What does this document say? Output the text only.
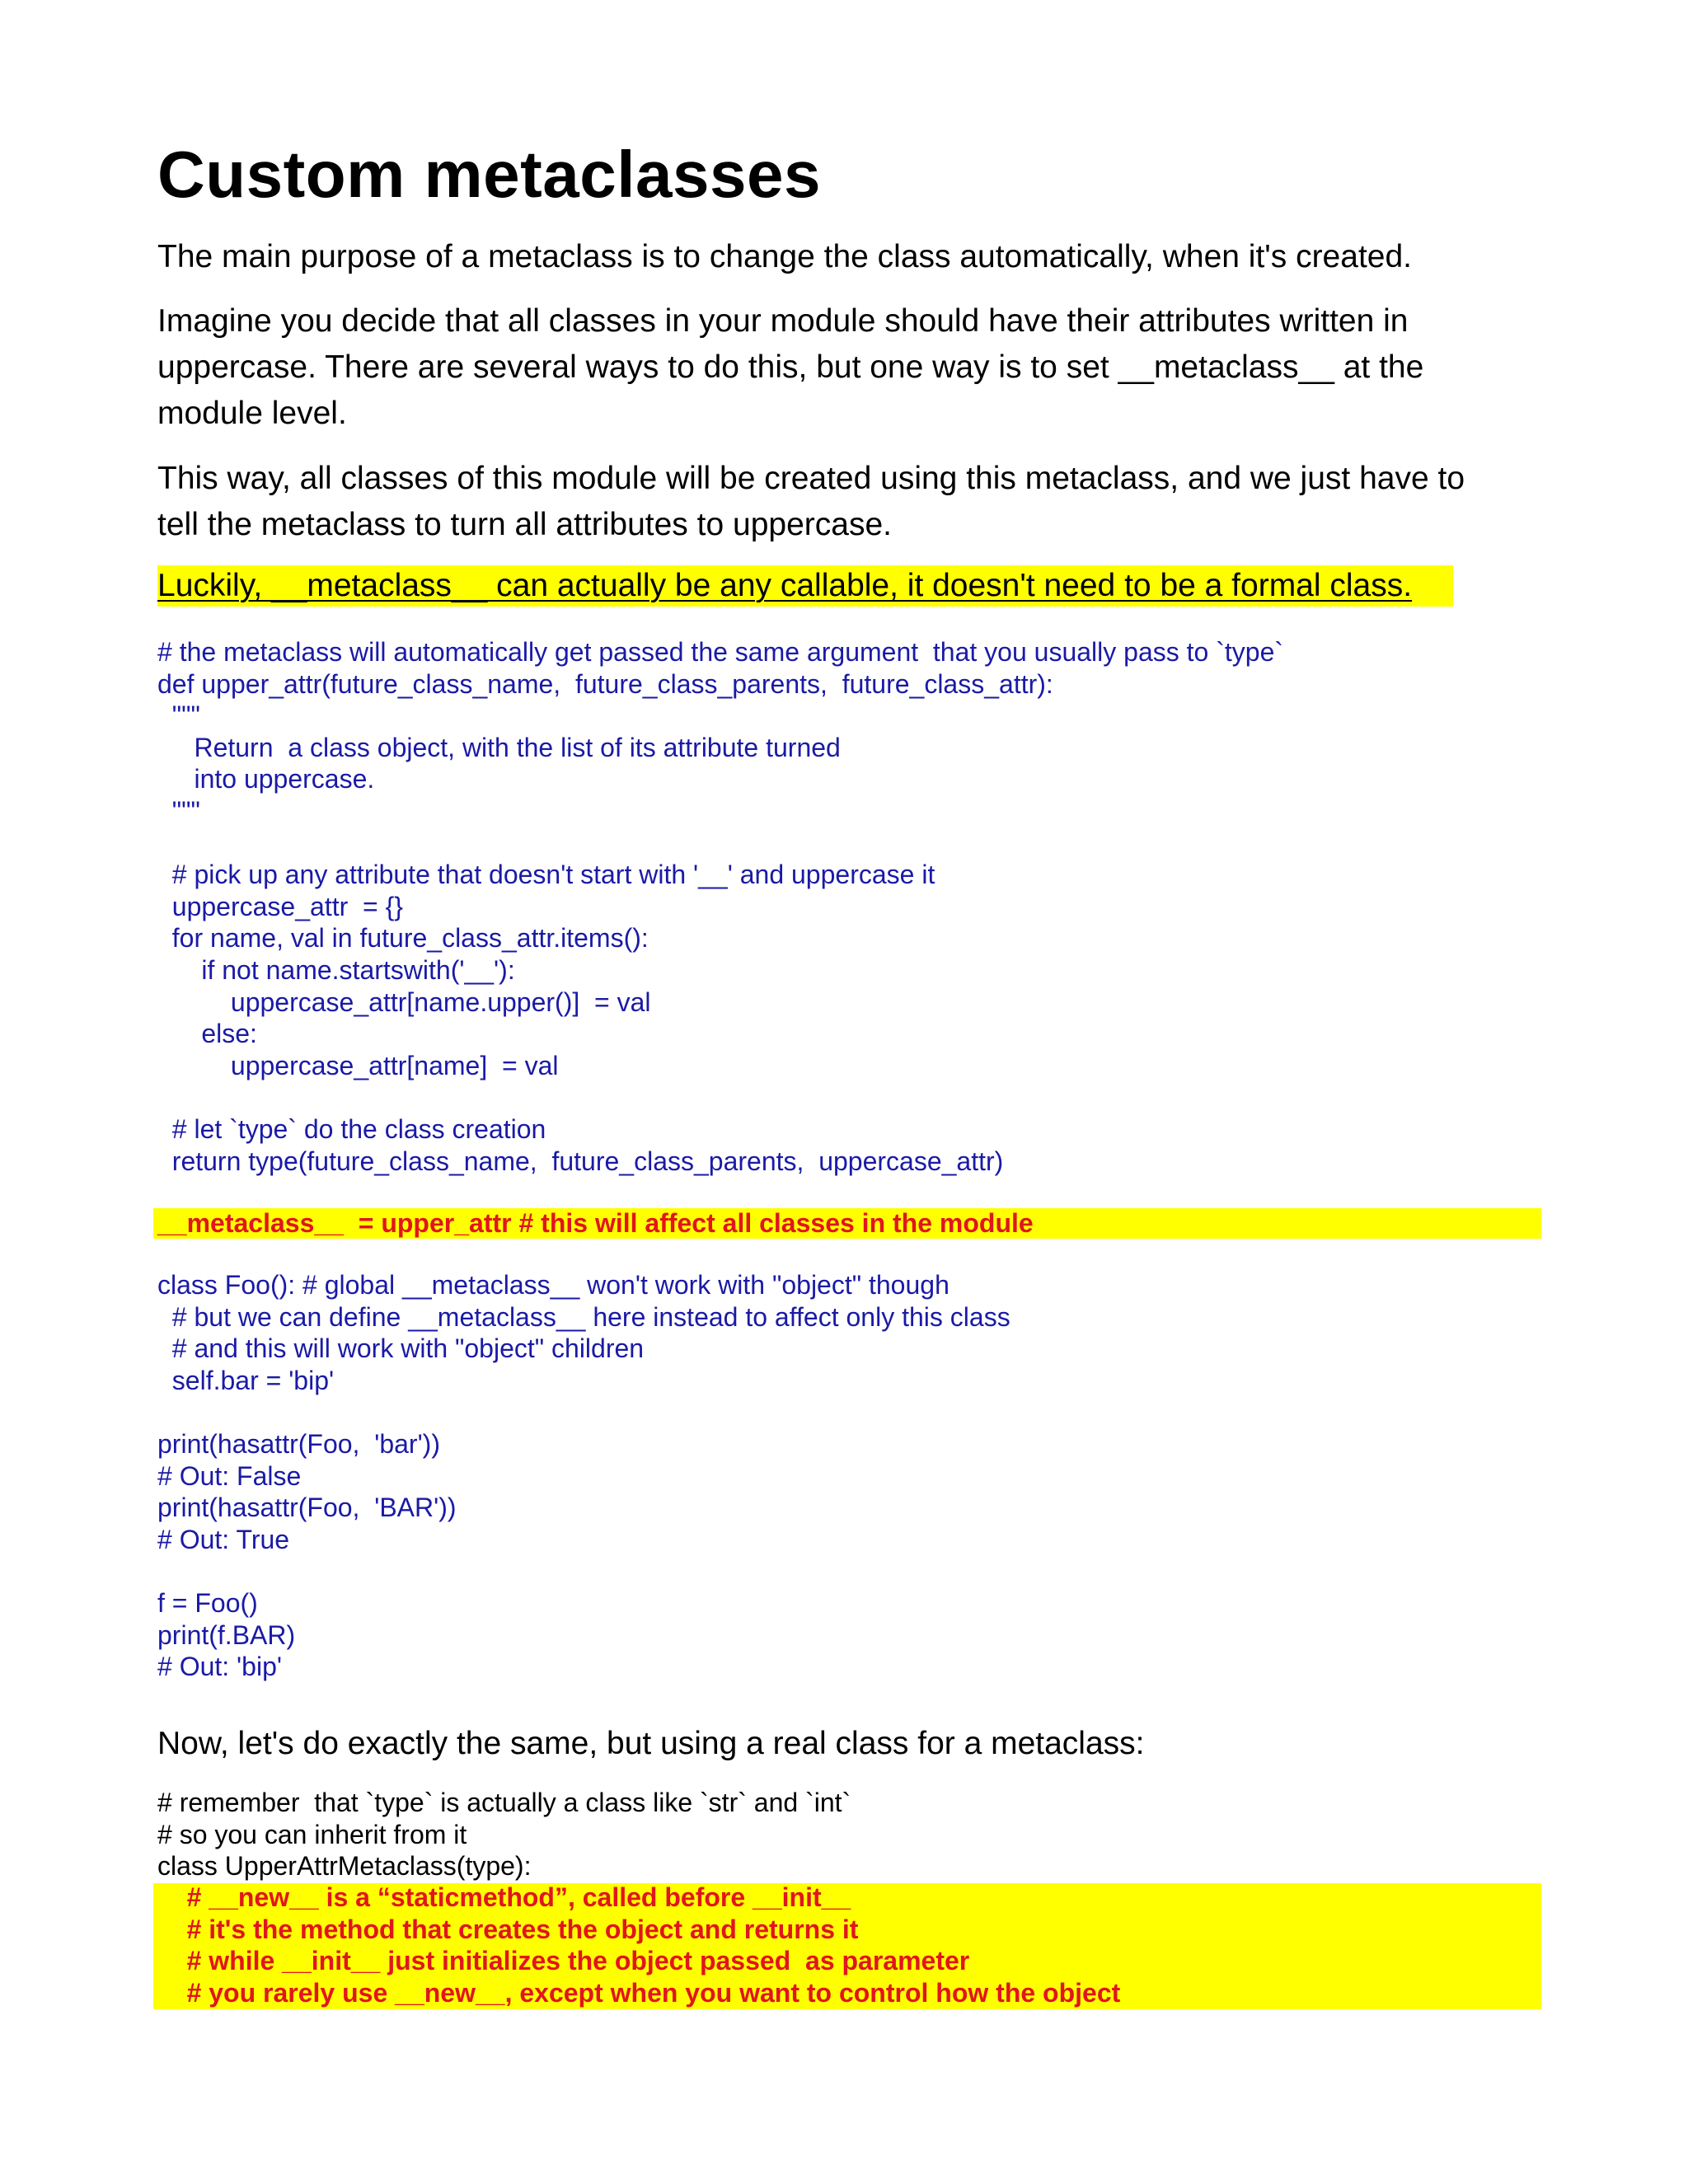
Custom metaclasses
The main purpose of a metaclass is to change the class automatically, when it's created.
Imagine you decide that all classes in your module should have their attributes written in
uppercase. There are several ways to do this, but one way is to set __metaclass__ at the
module level.
This way, all classes of this module will be created using this metaclass, and we just have to
tell the metaclass to turn all attributes to uppercase.
Luckily, __metaclass__ can actually be any callable, it doesn't need to be a formal class.
# the metaclass will automatically get passed the same argument  that you usually pass to `type`
def upper_attr(future_class_name,  future_class_parents,  future_class_attr):
"""
Return  a class object, with the list of its attribute turned
into uppercase.
"""

# pick up any attribute that doesn't start with '__' and uppercase it
uppercase_attr  = {}
for name, val in future_class_attr.items():
if not name.startswith('__'):
uppercase_attr[name.upper()]  = val
else:
uppercase_attr[name]  = val

# let `type` do the class creation
return type(future_class_name,  future_class_parents,  uppercase_attr)
__metaclass__  = upper_attr # this will affect all classes in the module
class Foo(): # global __metaclass__ won't work with "object" though
# but we can define __metaclass__ here instead to affect only this class
# and this will work with "object" children
self.bar = 'bip'

print(hasattr(Foo,  'bar'))
# Out: False
print(hasattr(Foo,  'BAR'))
# Out: True

f = Foo()
print(f.BAR)
# Out: 'bip'
Now, let's do exactly the same, but using a real class for a metaclass:
# remember  that `type` is actually a class like `str` and `int`
# so you can inherit from it
class UpperAttrMetaclass(type):
# __new__ is a “staticmethod”, called before __init__
# it's the method that creates the object and returns it
# while __init__ just initializes the object passed  as parameter
# you rarely use __new__, except when you want to control how the object
